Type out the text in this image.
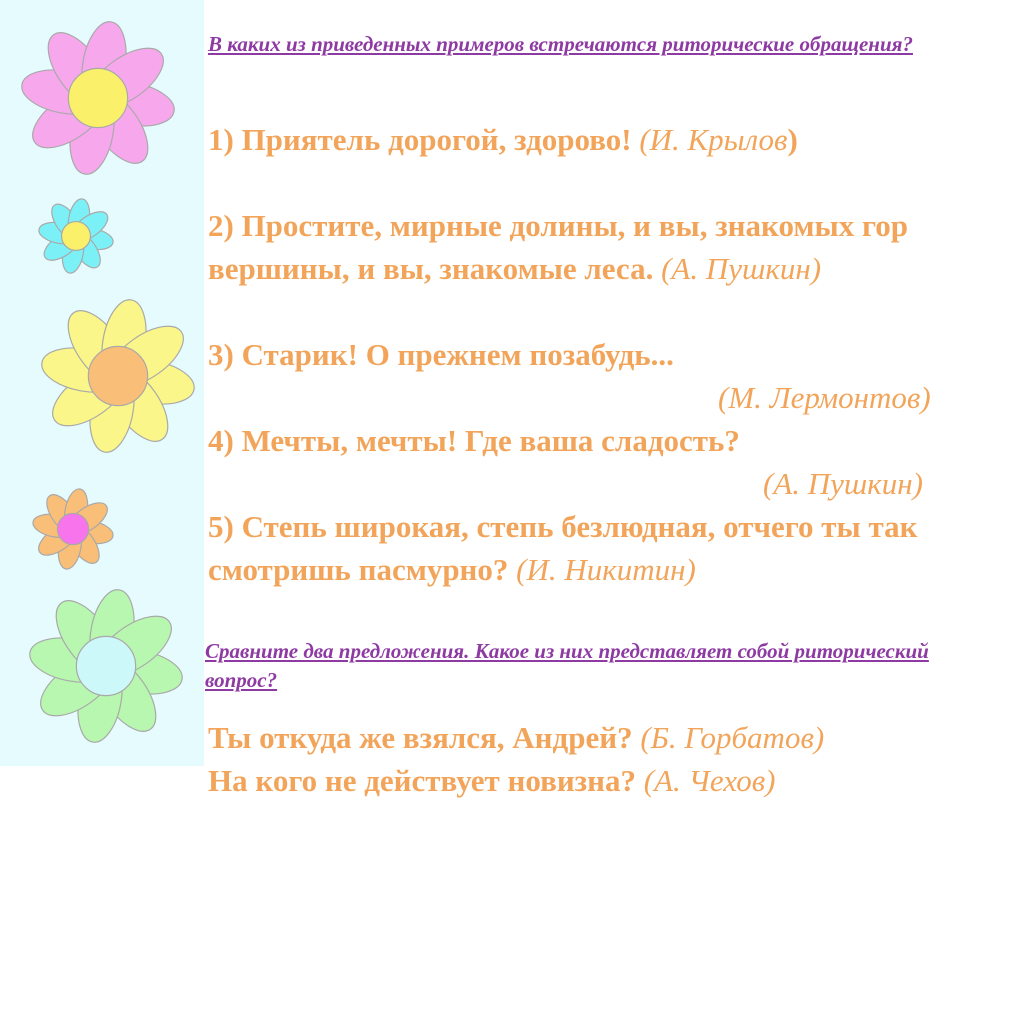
В каких из приведенных примеров встречаются риторические обращения?

1) Приятель дорогой, здорово! (И. Крылов)

2) Простите, мирные долины, и вы, знакомых гор вершины, и вы, знакомые леса. (А. Пушкин)

3) Старик! О прежнем позабудь...
(М. Лермонтов)

4) Мечты, мечты! Где ваша сладость?
(А. Пушкин)

5) Степь широкая, степь безлюдная, отчего ты так смотришь пасмурно? (И. Никитин)

Сравните два предложения. Какое из них представляет собой риторический вопрос?

Ты откуда же взялся, Андрей? (Б. Горбатов)

На кого не действует новизна? (А. Чехов)
